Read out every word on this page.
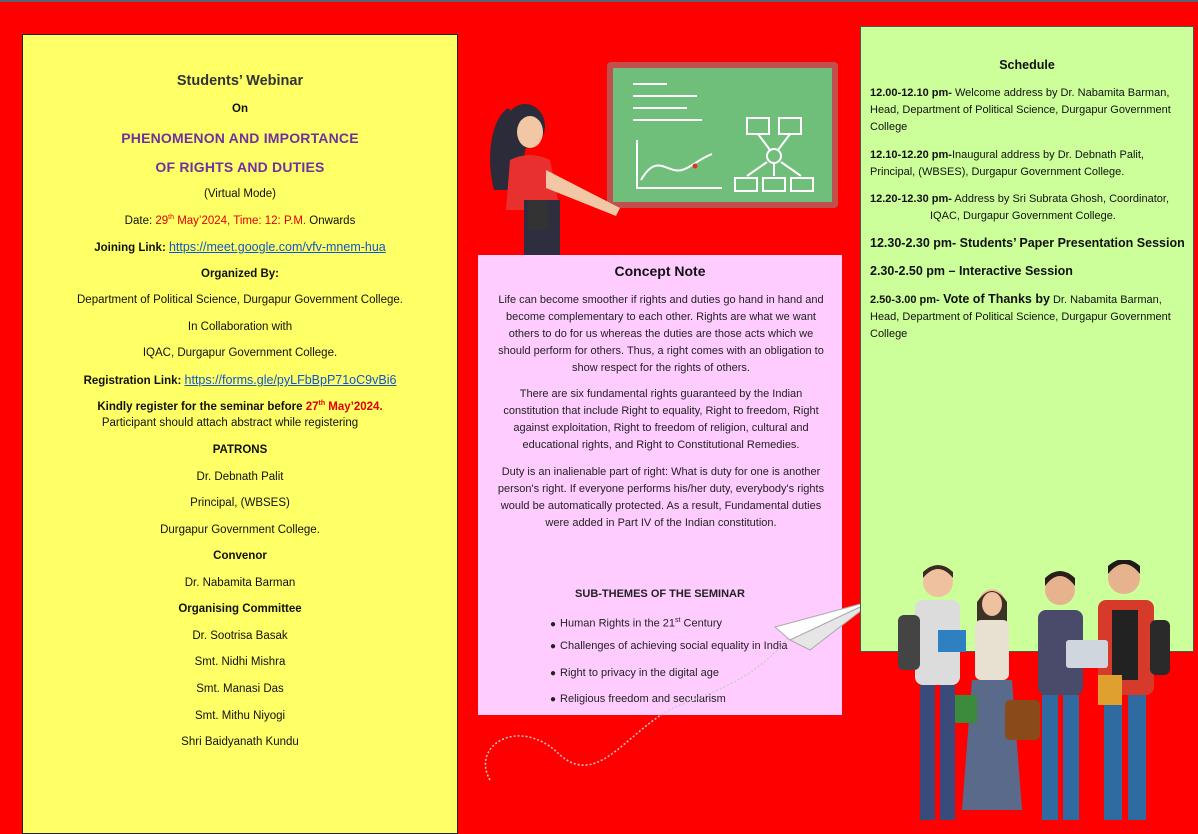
Students’ Webinar
On
PHENOMENON AND IMPORTANCE
OF RIGHTS AND DUTIES
(Virtual Mode)
Date: 29th May’2024, Time: 12: P.M. Onwards
Joining Link: https://meet.google.com/vfv-mnem-hua
Organized By:
Department of Political Science, Durgapur Government College.
In Collaboration with
IQAC, Durgapur Government College.
Registration Link: https://forms.gle/pyLFbBpP71oC9vBi6
Kindly register for the seminar before 27th May’2024.
Participant should attach abstract while registering
PATRONS
Dr. Debnath Palit
Principal, (WBSES)
Durgapur Government College.
Convenor
Dr. Nabamita Barman
Organising Committee
Dr. Sootrisa Basak
Smt. Nidhi Mishra
Smt. Manasi Das
Smt. Mithu Niyogi
Shri Baidyanath Kundu
Concept Note

Life can become smoother if rights and duties go hand in hand and become complementary to each other. Rights are what we want others to do for us whereas the duties are those acts which we should perform for others. Thus, a right comes with an obligation to show respect for the rights of others.

There are six fundamental rights guaranteed by the Indian constitution that include Right to equality, Right to freedom, Right against exploitation, Right to freedom of religion, cultural and educational rights, and Right to Constitutional Remedies.

Duty is an inalienable part of right: What is duty for one is another person's right. If everyone performs his/her duty, everybody's rights would be automatically protected. As a result, Fundamental duties were added in Part IV of the Indian constitution.

SUB-THEMES OF THE SEMINAR
● Human Rights in the 21st Century
● Challenges of achieving social equality in India
● Right to privacy in the digital age
● Religious freedom and secularism
Schedule
12.00-12.10 pm- Welcome address by Dr. Nabamita Barman, Head, Department of Political Science, Durgapur Government College
12.10-12.20 pm-Inaugural address by Dr. Debnath Palit, Principal, (WBSES), Durgapur Government College.
12.20-12.30 pm- Address by Sri Subrata Ghosh, Coordinator,
IQAC, Durgapur Government College.
12.30-2.30 pm- Students’ Paper Presentation Session
2.30-2.50 pm – Interactive Session
2.50-3.00 pm- Vote of Thanks by Dr. Nabamita Barman, Head, Department of Political Science, Durgapur Government College
